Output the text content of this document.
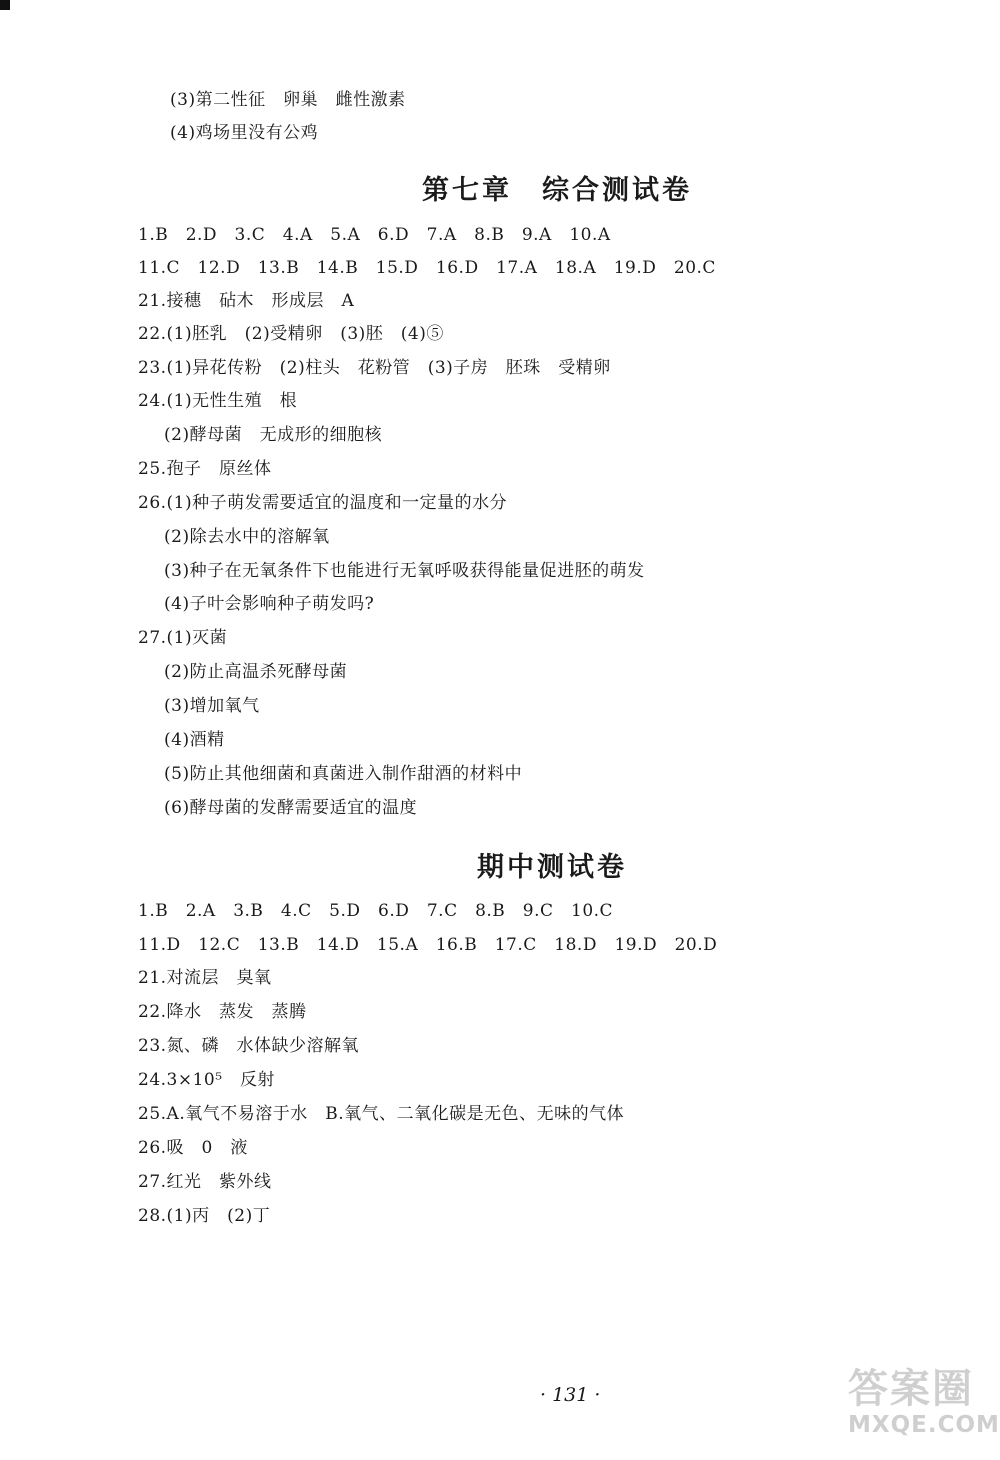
(3)第二性征　卵巢　雌性激素
(4)鸡场里没有公鸡
第七章　综合测试卷
1.B　2.D　3.C　4.A　5.A　6.D　7.A　8.B　9.A　10.A
11.C　12.D　13.B　14.B　15.D　16.D　17.A　18.A　19.D　20.C
21.接穗　砧木　形成层　A
22.(1)胚乳　(2)受精卵　(3)胚　(4)⑤
23.(1)异花传粉　(2)柱头　花粉管　(3)子房　胚珠　受精卵
24.(1)无性生殖　根
(2)酵母菌　无成形的细胞核
25.孢子　原丝体
26.(1)种子萌发需要适宜的温度和一定量的水分
(2)除去水中的溶解氧
(3)种子在无氧条件下也能进行无氧呼吸获得能量促进胚的萌发
(4)子叶会影响种子萌发吗?
27.(1)灭菌
(2)防止高温杀死酵母菌
(3)增加氧气
(4)酒精
(5)防止其他细菌和真菌进入制作甜酒的材料中
(6)酵母菌的发酵需要适宜的温度
期中测试卷
1.B　2.A　3.B　4.C　5.D　6.D　7.C　8.B　9.C　10.C
11.D　12.C　13.B　14.D　15.A　16.B　17.C　18.D　19.D　20.D
21.对流层　臭氧
22.降水　蒸发　蒸腾
23.氮、磷　水体缺少溶解氧
24.3×10⁵　反射
25.A.氧气不易溶于水　B.氧气、二氧化碳是无色、无味的气体
26.吸　0　液
27.红光　紫外线
28.(1)丙　(2)丁
· 131 ·	答案圈
MXQE.COM
